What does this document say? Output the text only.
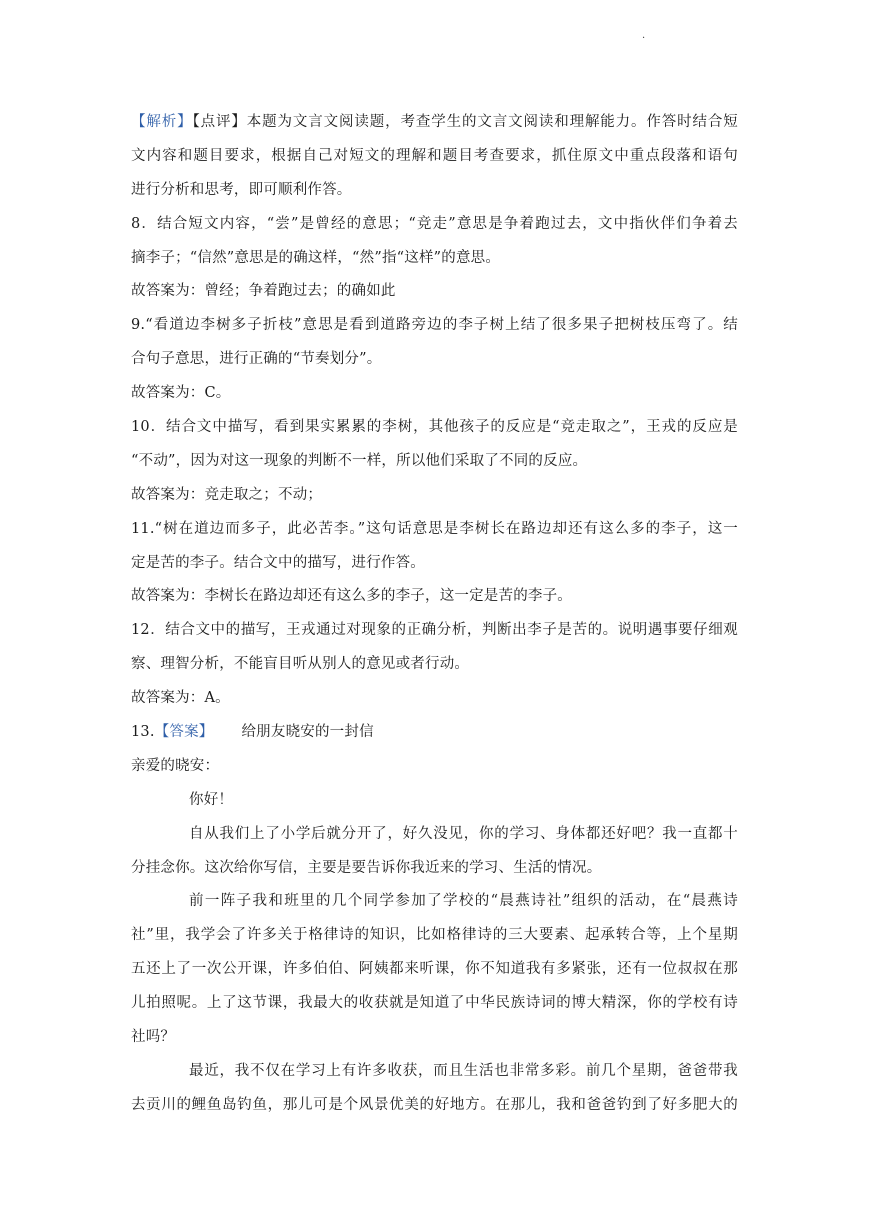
·
【解析】【点评】本题为文言文阅读题，考查学生的文言文阅读和理解能力。作答时结合短
文内容和题目要求，根据自己对短文的理解和题目考查要求，抓住原文中重点段落和语句
进行分析和思考，即可顺利作答。
8．结合短文内容，“尝”是曾经的意思；“竞走”意思是争着跑过去，文中指伙伴们争着去
摘李子；“信然”意思是的确这样，“然”指“这样”的意思。
故答案为：曾经；争着跑过去；的确如此
9.“看道边李树多子折枝”意思是看到道路旁边的李子树上结了很多果子把树枝压弯了。结
合句子意思，进行正确的“节奏划分”。
故答案为：C。
10．结合文中描写，看到果实累累的李树，其他孩子的反应是“竞走取之”，王戎的反应是
“不动”，因为对这一现象的判断不一样，所以他们采取了不同的反应。
故答案为：竞走取之；不动；
11.“树在道边而多子，此必苦李。”这句话意思是李树长在路边却还有这么多的李子，这一
定是苦的李子。结合文中的描写，进行作答。
故答案为：李树长在路边却还有这么多的李子，这一定是苦的李子。
12．结合文中的描写，王戎通过对现象的正确分析，判断出李子是苦的。说明遇事要仔细观
察、理智分析，不能盲目听从别人的意见或者行动。
故答案为：A。
13.【答案】 给朋友晓安的一封信
亲爱的晓安：
你好！
自从我们上了小学后就分开了，好久没见，你的学习、身体都还好吧？我一直都十
分挂念你。这次给你写信，主要是要告诉你我近来的学习、生活的情况。
前一阵子我和班里的几个同学参加了学校的“晨燕诗社”组织的活动，在“晨燕诗
社”里，我学会了许多关于格律诗的知识，比如格律诗的三大要素、起承转合等，上个星期
五还上了一次公开课，许多伯伯、阿姨都来听课，你不知道我有多紧张，还有一位叔叔在那
儿拍照呢。上了这节课，我最大的收获就是知道了中华民族诗词的博大精深，你的学校有诗
社吗？
最近，我不仅在学习上有许多收获，而且生活也非常多彩。前几个星期，爸爸带我
去贡川的鲤鱼岛钓鱼，那儿可是个风景优美的好地方。在那儿，我和爸爸钓到了好多肥大的
